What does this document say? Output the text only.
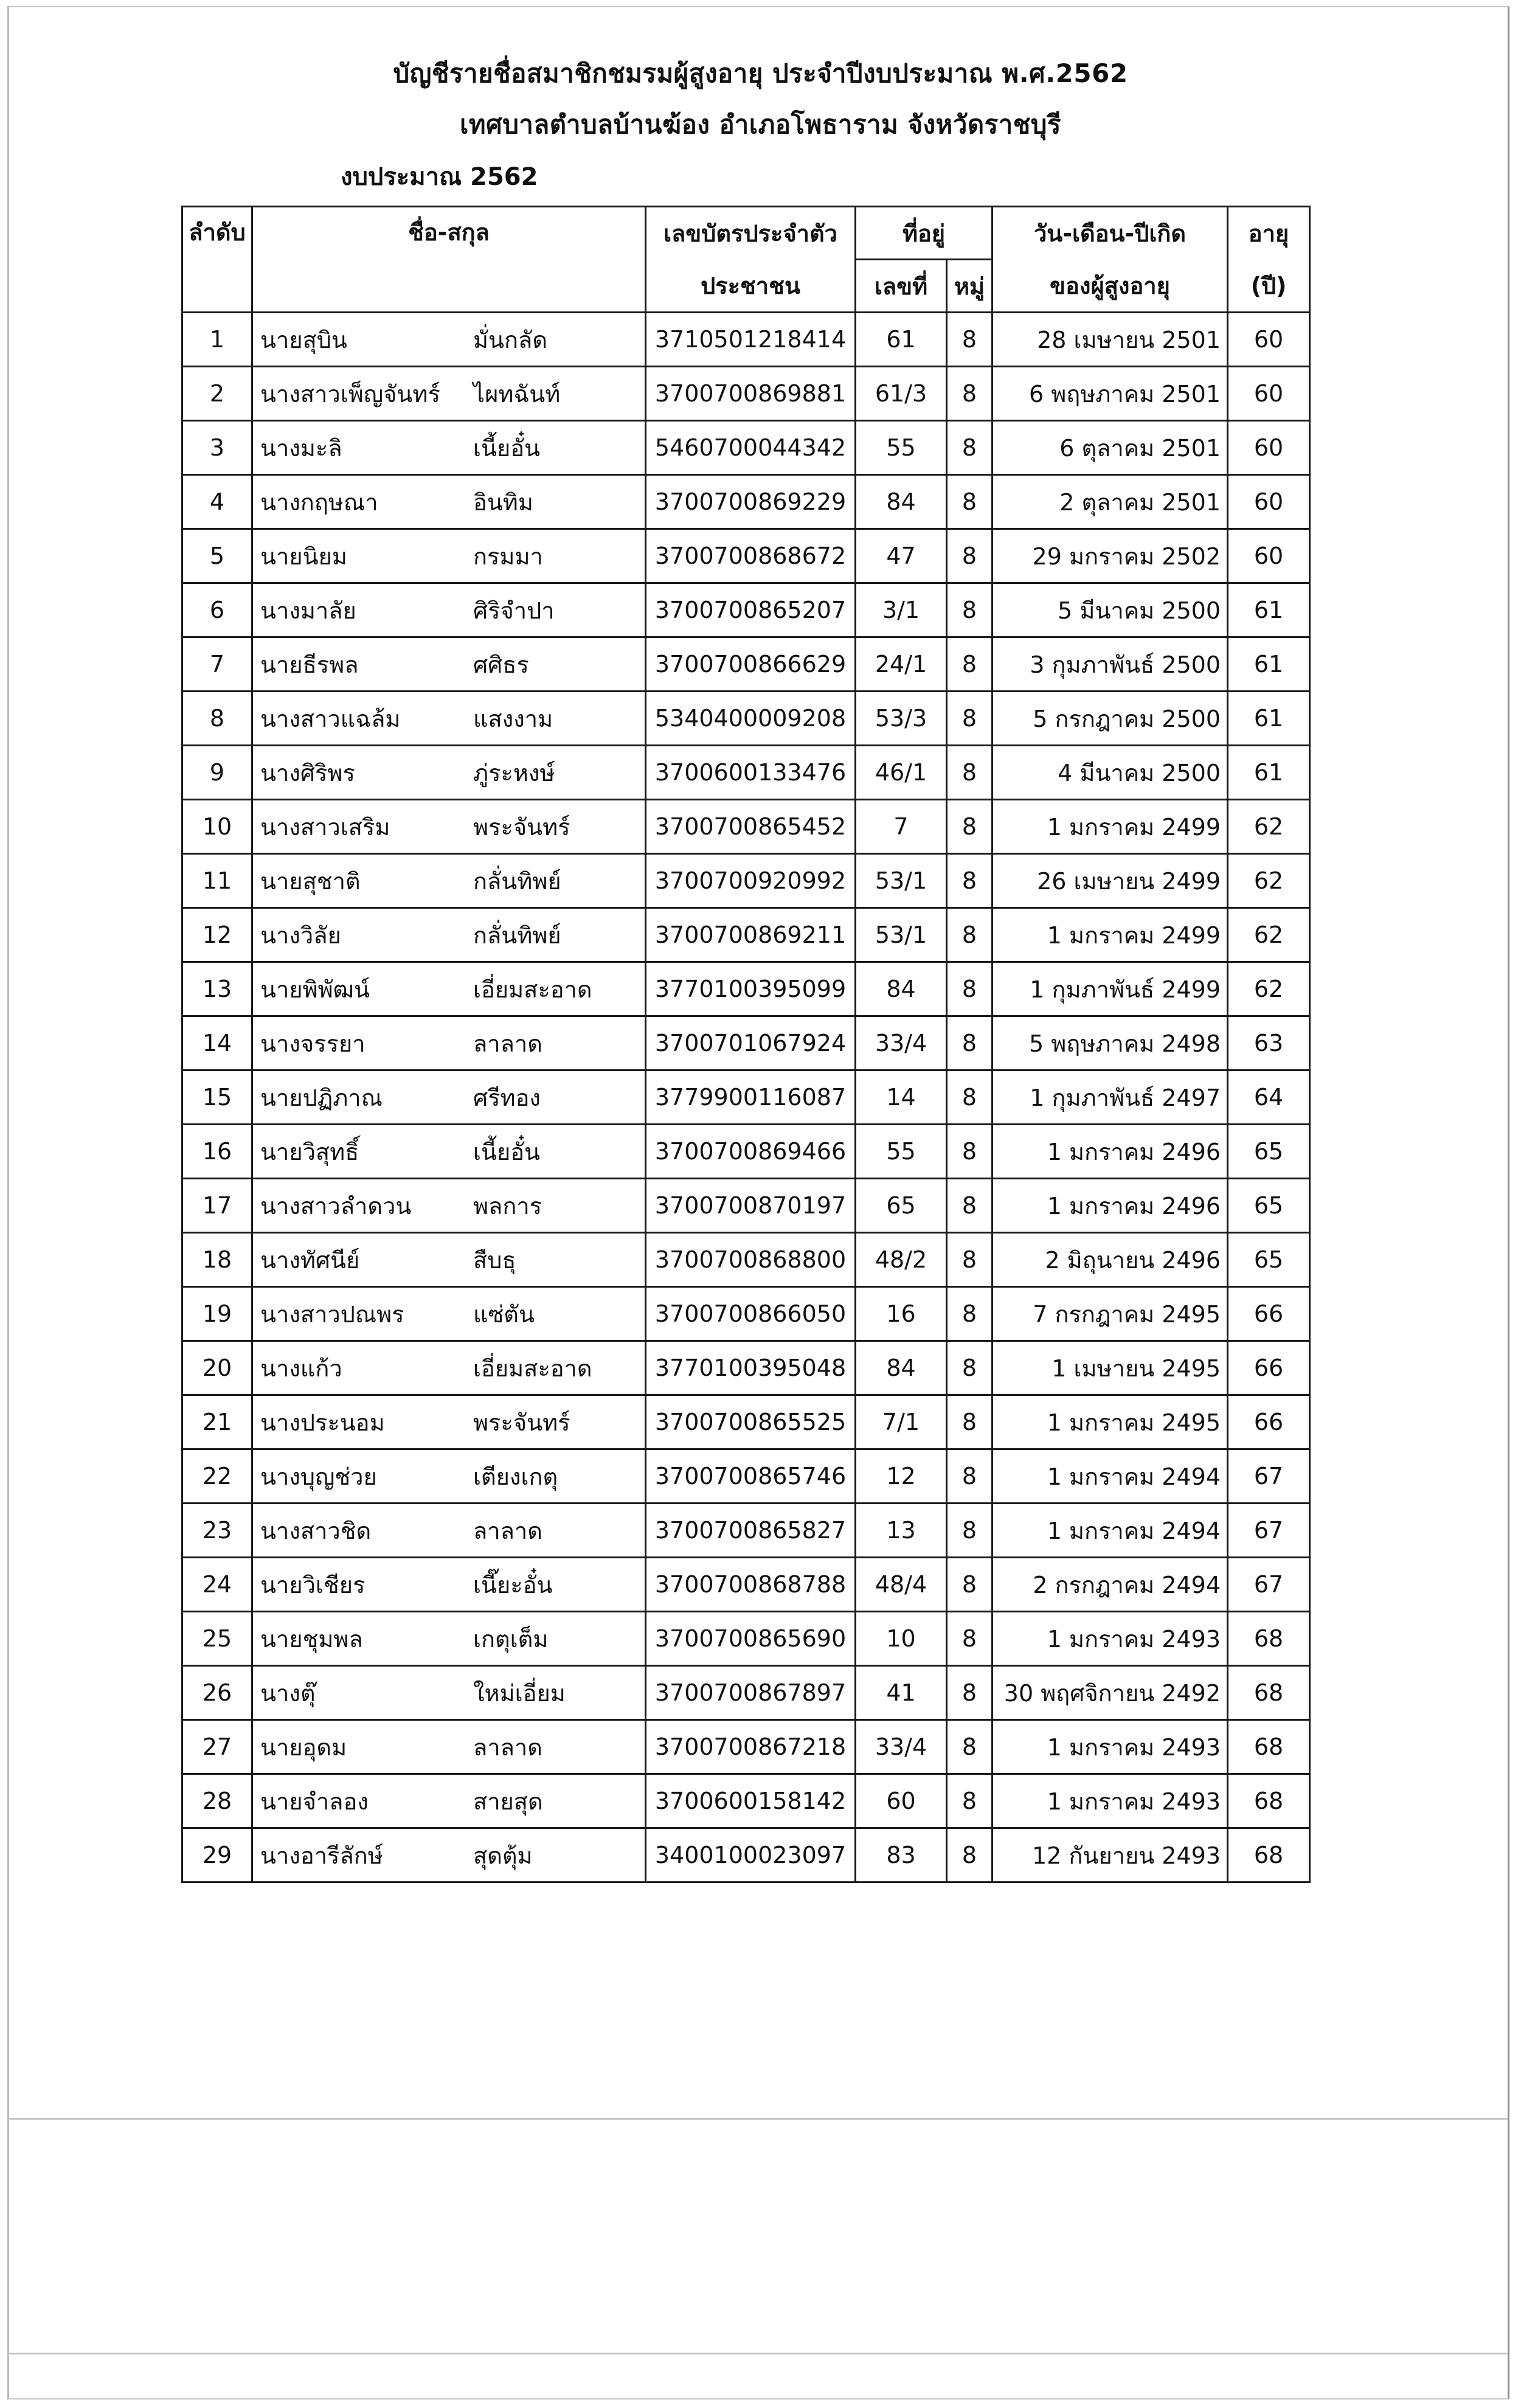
บัญชีรายชื่อสมาชิกชมรมผู้สูงอายุ ประจำปีงบประมาณ พ.ศ.2562
เทศบาลตำบลบ้านฆ้อง อำเภอโพธาราม จังหวัดราชบุรี
งบประมาณ 2562
ลำดับ	ชื่อ-สกุล	เลขบัตรประจำตัว	ที่อยู่		วัน-เดือน-ปีเกิด	อายุ
		ประชาชน	เลขที่	หมู่	ของผู้สูงอายุ	(ปี)
1	นายสุบิน มั่นกลัด	3710501218414	61	8	28 เมษายน 2501	60
2	นางสาวเพ็ญจันทร์ ไผทฉันท์	3700700869881	61/3	8	6 พฤษภาคม 2501	60
3	นางมะลิ เนี้ยอั๋น	5460700044342	55	8	6 ตุลาคม 2501	60
4	นางกฤษณา อินทิม	3700700869229	84	8	2 ตุลาคม 2501	60
5	นายนิยม กรมมา	3700700868672	47	8	29 มกราคม 2502	60
6	นางมาลัย ศิริจำปา	3700700865207	3/1	8	5 มีนาคม 2500	61
7	นายธีรพล ศศิธร	3700700866629	24/1	8	3 กุมภาพันธ์ 2500	61
8	นางสาวแฉล้ม แสงงาม	5340400009208	53/3	8	5 กรกฎาคม 2500	61
9	นางศิริพร ภู่ระหงษ์	3700600133476	46/1	8	4 มีนาคม 2500	61
10	นางสาวเสริม พระจันทร์	3700700865452	7	8	1 มกราคม 2499	62
11	นายสุชาติ กลั่นทิพย์	3700700920992	53/1	8	26 เมษายน 2499	62
12	นางวิลัย กลั่นทิพย์	3700700869211	53/1	8	1 มกราคม 2499	62
13	นายพิพัฒน์ เอี่ยมสะอาด	3770100395099	84	8	1 กุมภาพันธ์ 2499	62
14	นางจรรยา ลาลาด	3700701067924	33/4	8	5 พฤษภาคม 2498	63
15	นายปฏิภาณ ศรีทอง	3779900116087	14	8	1 กุมภาพันธ์ 2497	64
16	นายวิสุทธิ์ เนี้ยอั๋น	3700700869466	55	8	1 มกราคม 2496	65
17	นางสาวลำดวน พลการ	3700700870197	65	8	1 มกราคม 2496	65
18	นางทัศนีย์ สืบธุ	3700700868800	48/2	8	2 มิถุนายน 2496	65
19	นางสาวปณพร แซ่ตัน	3700700866050	16	8	7 กรกฎาคม 2495	66
20	นางแก้ว เอี่ยมสะอาด	3770100395048	84	8	1 เมษายน 2495	66
21	นางประนอม พระจันทร์	3700700865525	7/1	8	1 มกราคม 2495	66
22	นางบุญช่วย เตียงเกตุ	3700700865746	12	8	1 มกราคม 2494	67
23	นางสาวชิด ลาลาด	3700700865827	13	8	1 มกราคม 2494	67
24	นายวิเชียร เนี๊ยะอั๋น	3700700868788	48/4	8	2 กรกฎาคม 2494	67
25	นายชุมพล เกตุเต็ม	3700700865690	10	8	1 มกราคม 2493	68
26	นางตุ๊ ใหม่เอี่ยม	3700700867897	41	8	30 พฤศจิกายน 2492	68
27	นายอุดม ลาลาด	3700700867218	33/4	8	1 มกราคม 2493	68
28	นายจำลอง สายสุด	3700600158142	60	8	1 มกราคม 2493	68
29	นางอารีลักษ์ สุดตุ้ม	3400100023097	83	8	12 กันยายน 2493	68
